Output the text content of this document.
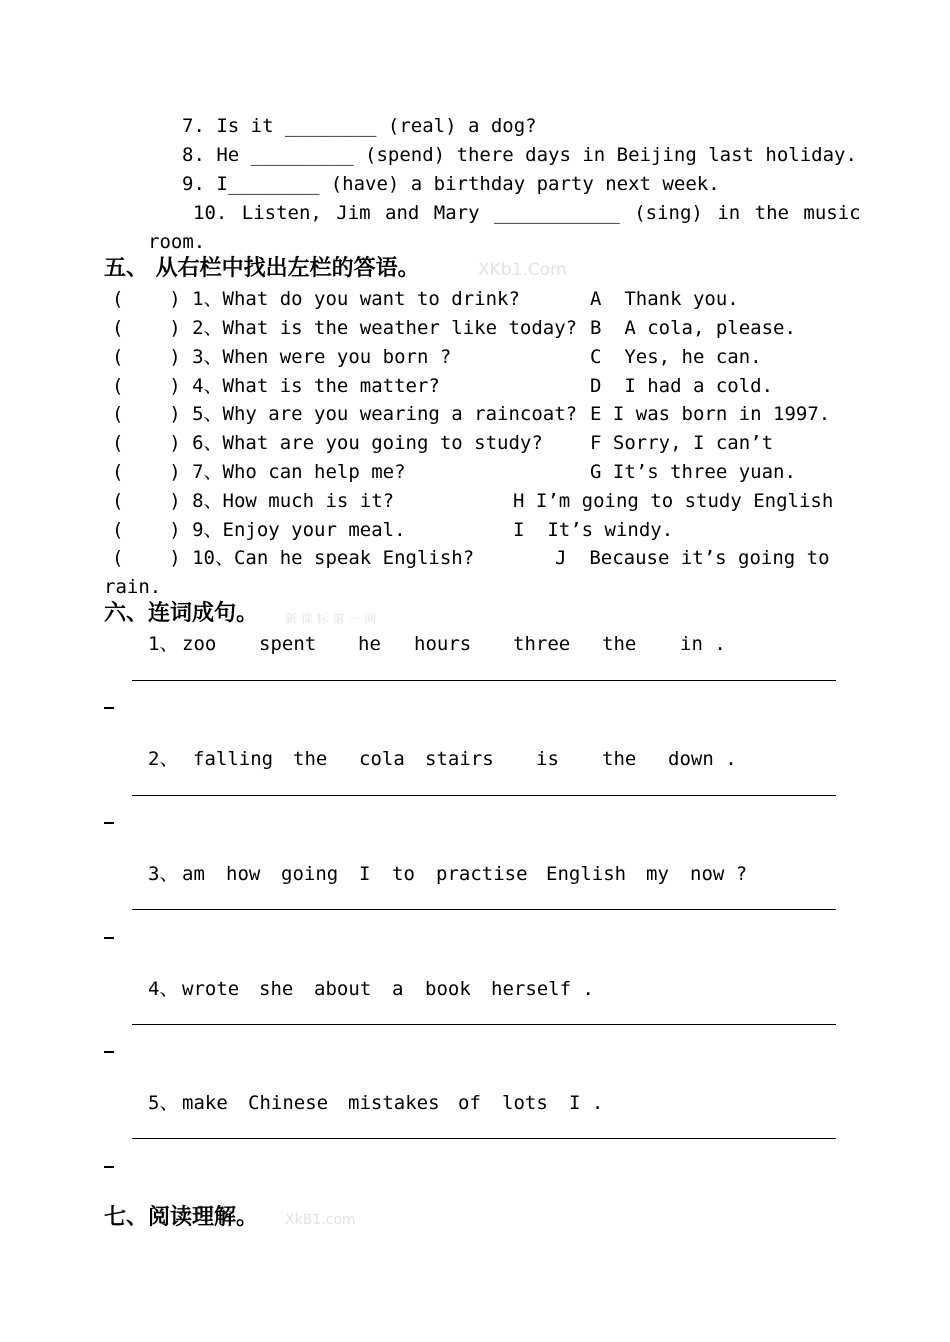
7. Is it ________ (real) a dog?
8. He _________ (spend) there days in Beijing last holiday.
9. I________ (have) a birthday party next week.
10. Listen, Jim and Mary ___________ (sing) in the music
room.
五、 从右栏中找出左栏的答语。	XKb1.Com
(    ) 1、What do you want to drink?
(    ) 2、What is the weather like today?
(    ) 3、When were you born ?
(    ) 4、What is the matter?
(    ) 5、Why are you wearing a raincoat?
(    ) 6、What are you going to study?
(    ) 7、Who can help me?
(    ) 8、How much is it?
(    ) 9、Enjoy your meal.
(    ) 10、Can he speak English?
A  Thank you.
B  A cola, please.
C  Yes, he can.
D  I had a cold.
E I was born in 1997.
F Sorry, I can’t
G It’s three yuan.
H I’m going to study English
I  It’s windy.
J  Because it’s going to
rain.
六、连词成句。 新 课 标 第 一 网
1、 zoo spent he hours three the in .
2、 falling the cola stairs is the down .
3、 am how going I to practise English my now ?
4、 wrote she about a book herself .
5、 make Chinese mistakes of lots I .
七、阅读理解。 XkB1.com
